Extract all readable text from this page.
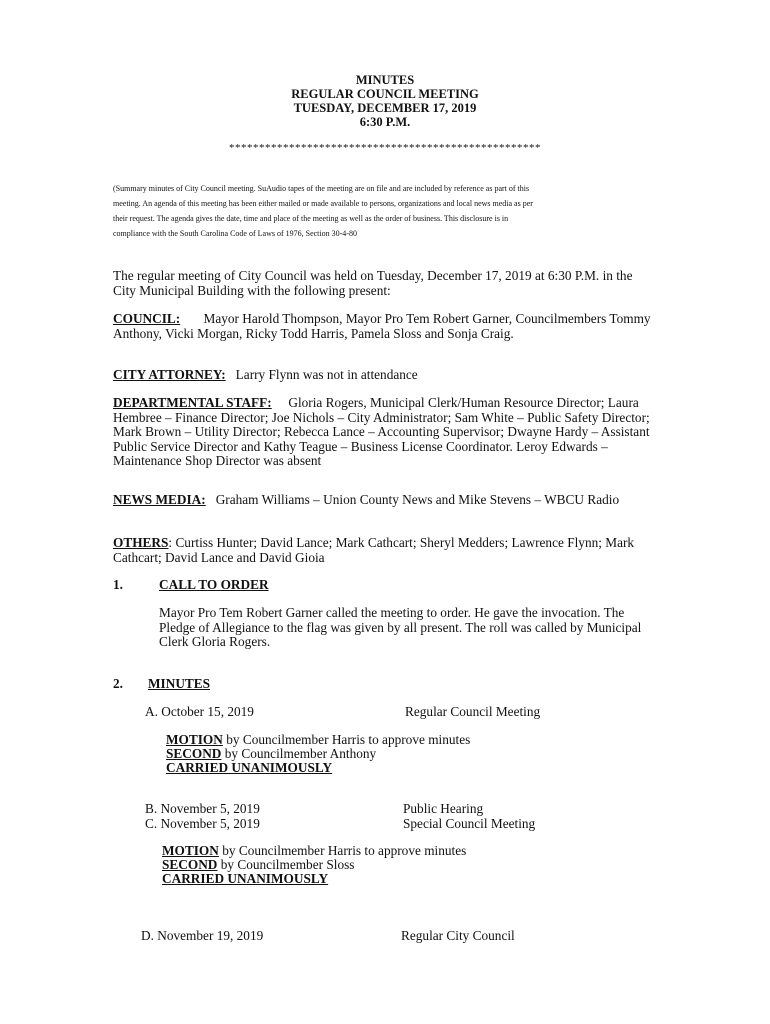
MINUTES
REGULAR COUNCIL MEETING
TUESDAY, DECEMBER 17, 2019
6:30 P.M.
****************************************************
(Summary minutes of City Council meeting. SuAudio tapes of the meeting are on file and are included by reference as part of this
meeting. An agenda of this meeting has been either mailed or made available to persons, organizations and local news media as per
their request. The agenda gives the date, time and place of the meeting as well as the order of business. This disclosure is in
compliance with the South Carolina Code of Laws of 1976, Section 30-4-80
The regular meeting of City Council was held on Tuesday, December 17, 2019 at 6:30 P.M. in the City Municipal Building with the following present:
COUNCIL: Mayor Harold Thompson, Mayor Pro Tem Robert Garner, Councilmembers Tommy Anthony, Vicki Morgan, Ricky Todd Harris, Pamela Sloss and Sonja Craig.
CITY ATTORNEY: Larry Flynn was not in attendance
DEPARTMENTAL STAFF: Gloria Rogers, Municipal Clerk/Human Resource Director; Laura Hembree – Finance Director; Joe Nichols – City Administrator; Sam White – Public Safety Director; Mark Brown – Utility Director; Rebecca Lance – Accounting Supervisor; Dwayne Hardy – Assistant Public Service Director and Kathy Teague – Business License Coordinator. Leroy Edwards – Maintenance Shop Director was absent
NEWS MEDIA: Graham Williams – Union County News and Mike Stevens – WBCU Radio
OTHERS: Curtiss Hunter; David Lance; Mark Cathcart; Sheryl Medders; Lawrence Flynn; Mark Cathcart; David Lance and David Gioia
1.	CALL TO ORDER
Mayor Pro Tem Robert Garner called the meeting to order. He gave the invocation. The Pledge of Allegiance to the flag was given by all present. The roll was called by Municipal Clerk Gloria Rogers.
2. MINUTES
A. October 15, 2019	Regular Council Meeting
MOTION by Councilmember Harris to approve minutes
SECOND by Councilmember Anthony
CARRIED UNANIMOUSLY
B. November 5, 2019	Public Hearing
C. November 5, 2019	Special Council Meeting
MOTION by Councilmember Harris to approve minutes
SECOND by Councilmember Sloss
CARRIED UNANIMOUSLY
D. November 19, 2019	Regular City Council
